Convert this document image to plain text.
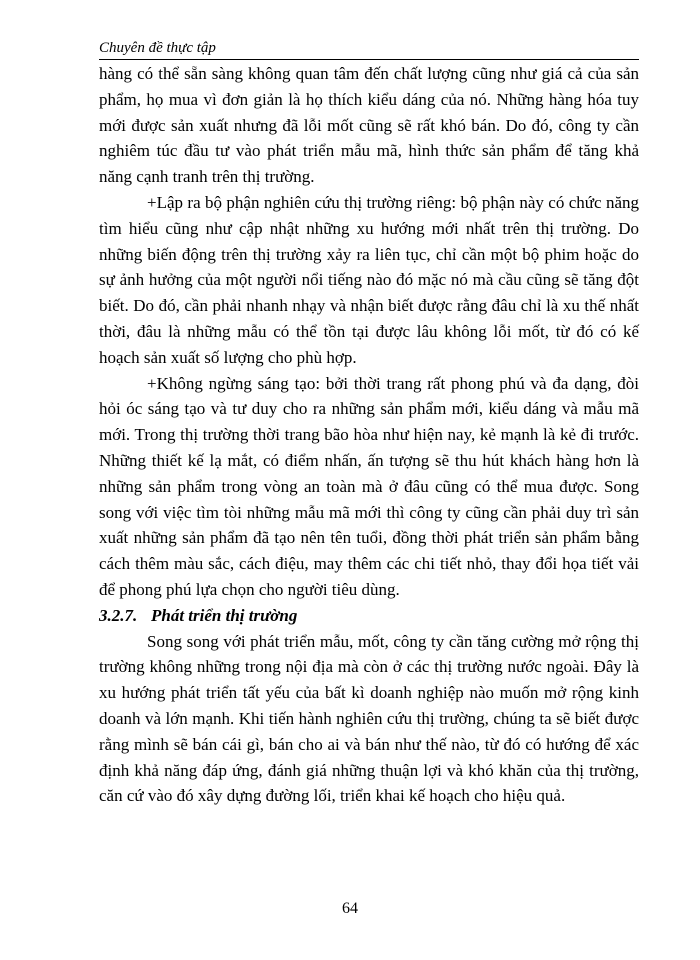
Chuyên đề thực tập

hàng có thể sẵn sàng không quan tâm đến chất lượng cũng như giá cả của sản phẩm, họ mua vì đơn giản là họ thích kiểu dáng của nó. Những hàng hóa tuy mới được sản xuất nhưng đã lỗi mốt cũng sẽ rất khó bán. Do đó, công ty cần nghiêm túc đầu tư vào phát triển mẫu mã, hình thức sản phẩm để tăng khả năng cạnh tranh trên thị trường.

+Lập ra bộ phận nghiên cứu thị trường riêng: bộ phận này có chức năng tìm hiểu cũng như cập nhật những xu hướng mới nhất trên thị trường. Do những biến động trên thị trường xảy ra liên tục, chỉ cần một bộ phim hoặc do sự ảnh hưởng của một người nổi tiếng nào đó mặc nó mà cầu cũng sẽ tăng đột biết. Do đó, cần phải nhanh nhạy và nhận biết được rằng đâu chỉ là xu thế nhất thời, đâu là những mẫu có thể tồn tại được lâu không lỗi mốt, từ đó có kế hoạch sản xuất số lượng cho phù hợp.

+Không ngừng sáng tạo: bởi thời trang rất phong phú và đa dạng, đòi hỏi óc sáng tạo và tư duy cho ra những sản phẩm mới, kiểu dáng và mẫu mã mới. Trong thị trường thời trang bão hòa như hiện nay, kẻ mạnh là kẻ đi trước. Những thiết kế lạ mắt, có điểm nhấn, ấn tượng sẽ thu hút khách hàng hơn là những sản phẩm trong vòng an toàn mà ở đâu cũng có thể mua được. Song song với việc tìm tòi những mẫu mã mới thì công ty cũng cần phải duy trì sản xuất những sản phẩm đã tạo nên tên tuổi, đồng thời phát triển sản phẩm bằng cách thêm màu sắc, cách điệu, may thêm các chi tiết nhỏ, thay đổi họa tiết vải để phong phú lựa chọn cho người tiêu dùng.

3.2.7. Phát triển thị trường

Song song với phát triển mẫu, mốt, công ty cần tăng cường mở rộng thị trường không những trong nội địa mà còn ở các thị trường nước ngoài. Đây là xu hướng phát triển tất yếu của bất kì doanh nghiệp nào muốn mở rộng kinh doanh và lớn mạnh. Khi tiến hành nghiên cứu thị trường, chúng ta sẽ biết được rằng mình sẽ bán cái gì, bán cho ai và bán như thế nào, từ đó có hướng để xác định khả năng đáp ứng, đánh giá những thuận lợi và khó khăn của thị trường, căn cứ vào đó xây dựng đường lối, triển khai kế hoạch cho hiệu quả.

64
